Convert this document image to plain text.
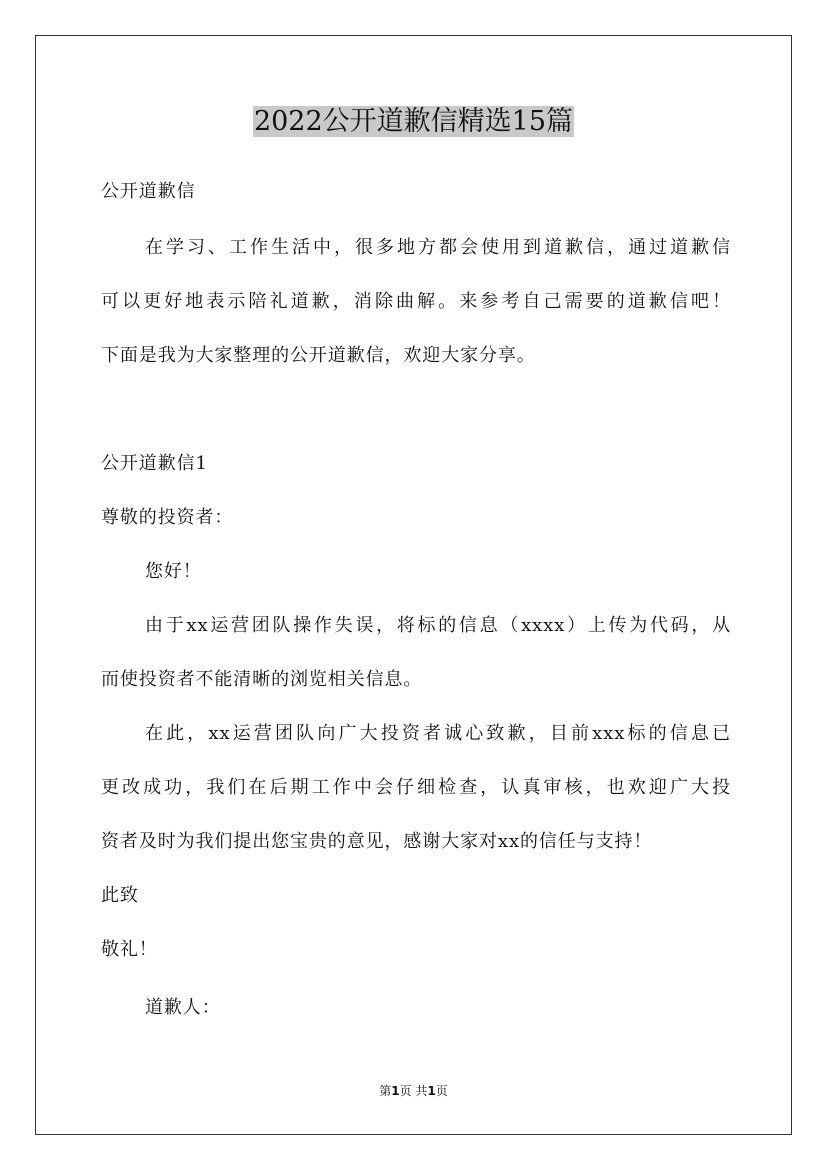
2022公开道歉信精选15篇
公开道歉信
在学习、工作生活中，很多地方都会使用到道歉信，通过道歉信
可以更好地表示陪礼道歉，消除曲解。来参考自己需要的道歉信吧！
下面是我为大家整理的公开道歉信，欢迎大家分享。
公开道歉信1
尊敬的投资者：
您好！
由于xx运营团队操作失误，将标的信息（xxxx）上传为代码，从
而使投资者不能清晰的浏览相关信息。
在此，xx运营团队向广大投资者诚心致歉，目前xxx标的信息已
更改成功，我们在后期工作中会仔细检查，认真审核，也欢迎广大投
资者及时为我们提出您宝贵的意见，感谢大家对xx的信任与支持！
此致
敬礼！
道歉人：
第1页 共1页
